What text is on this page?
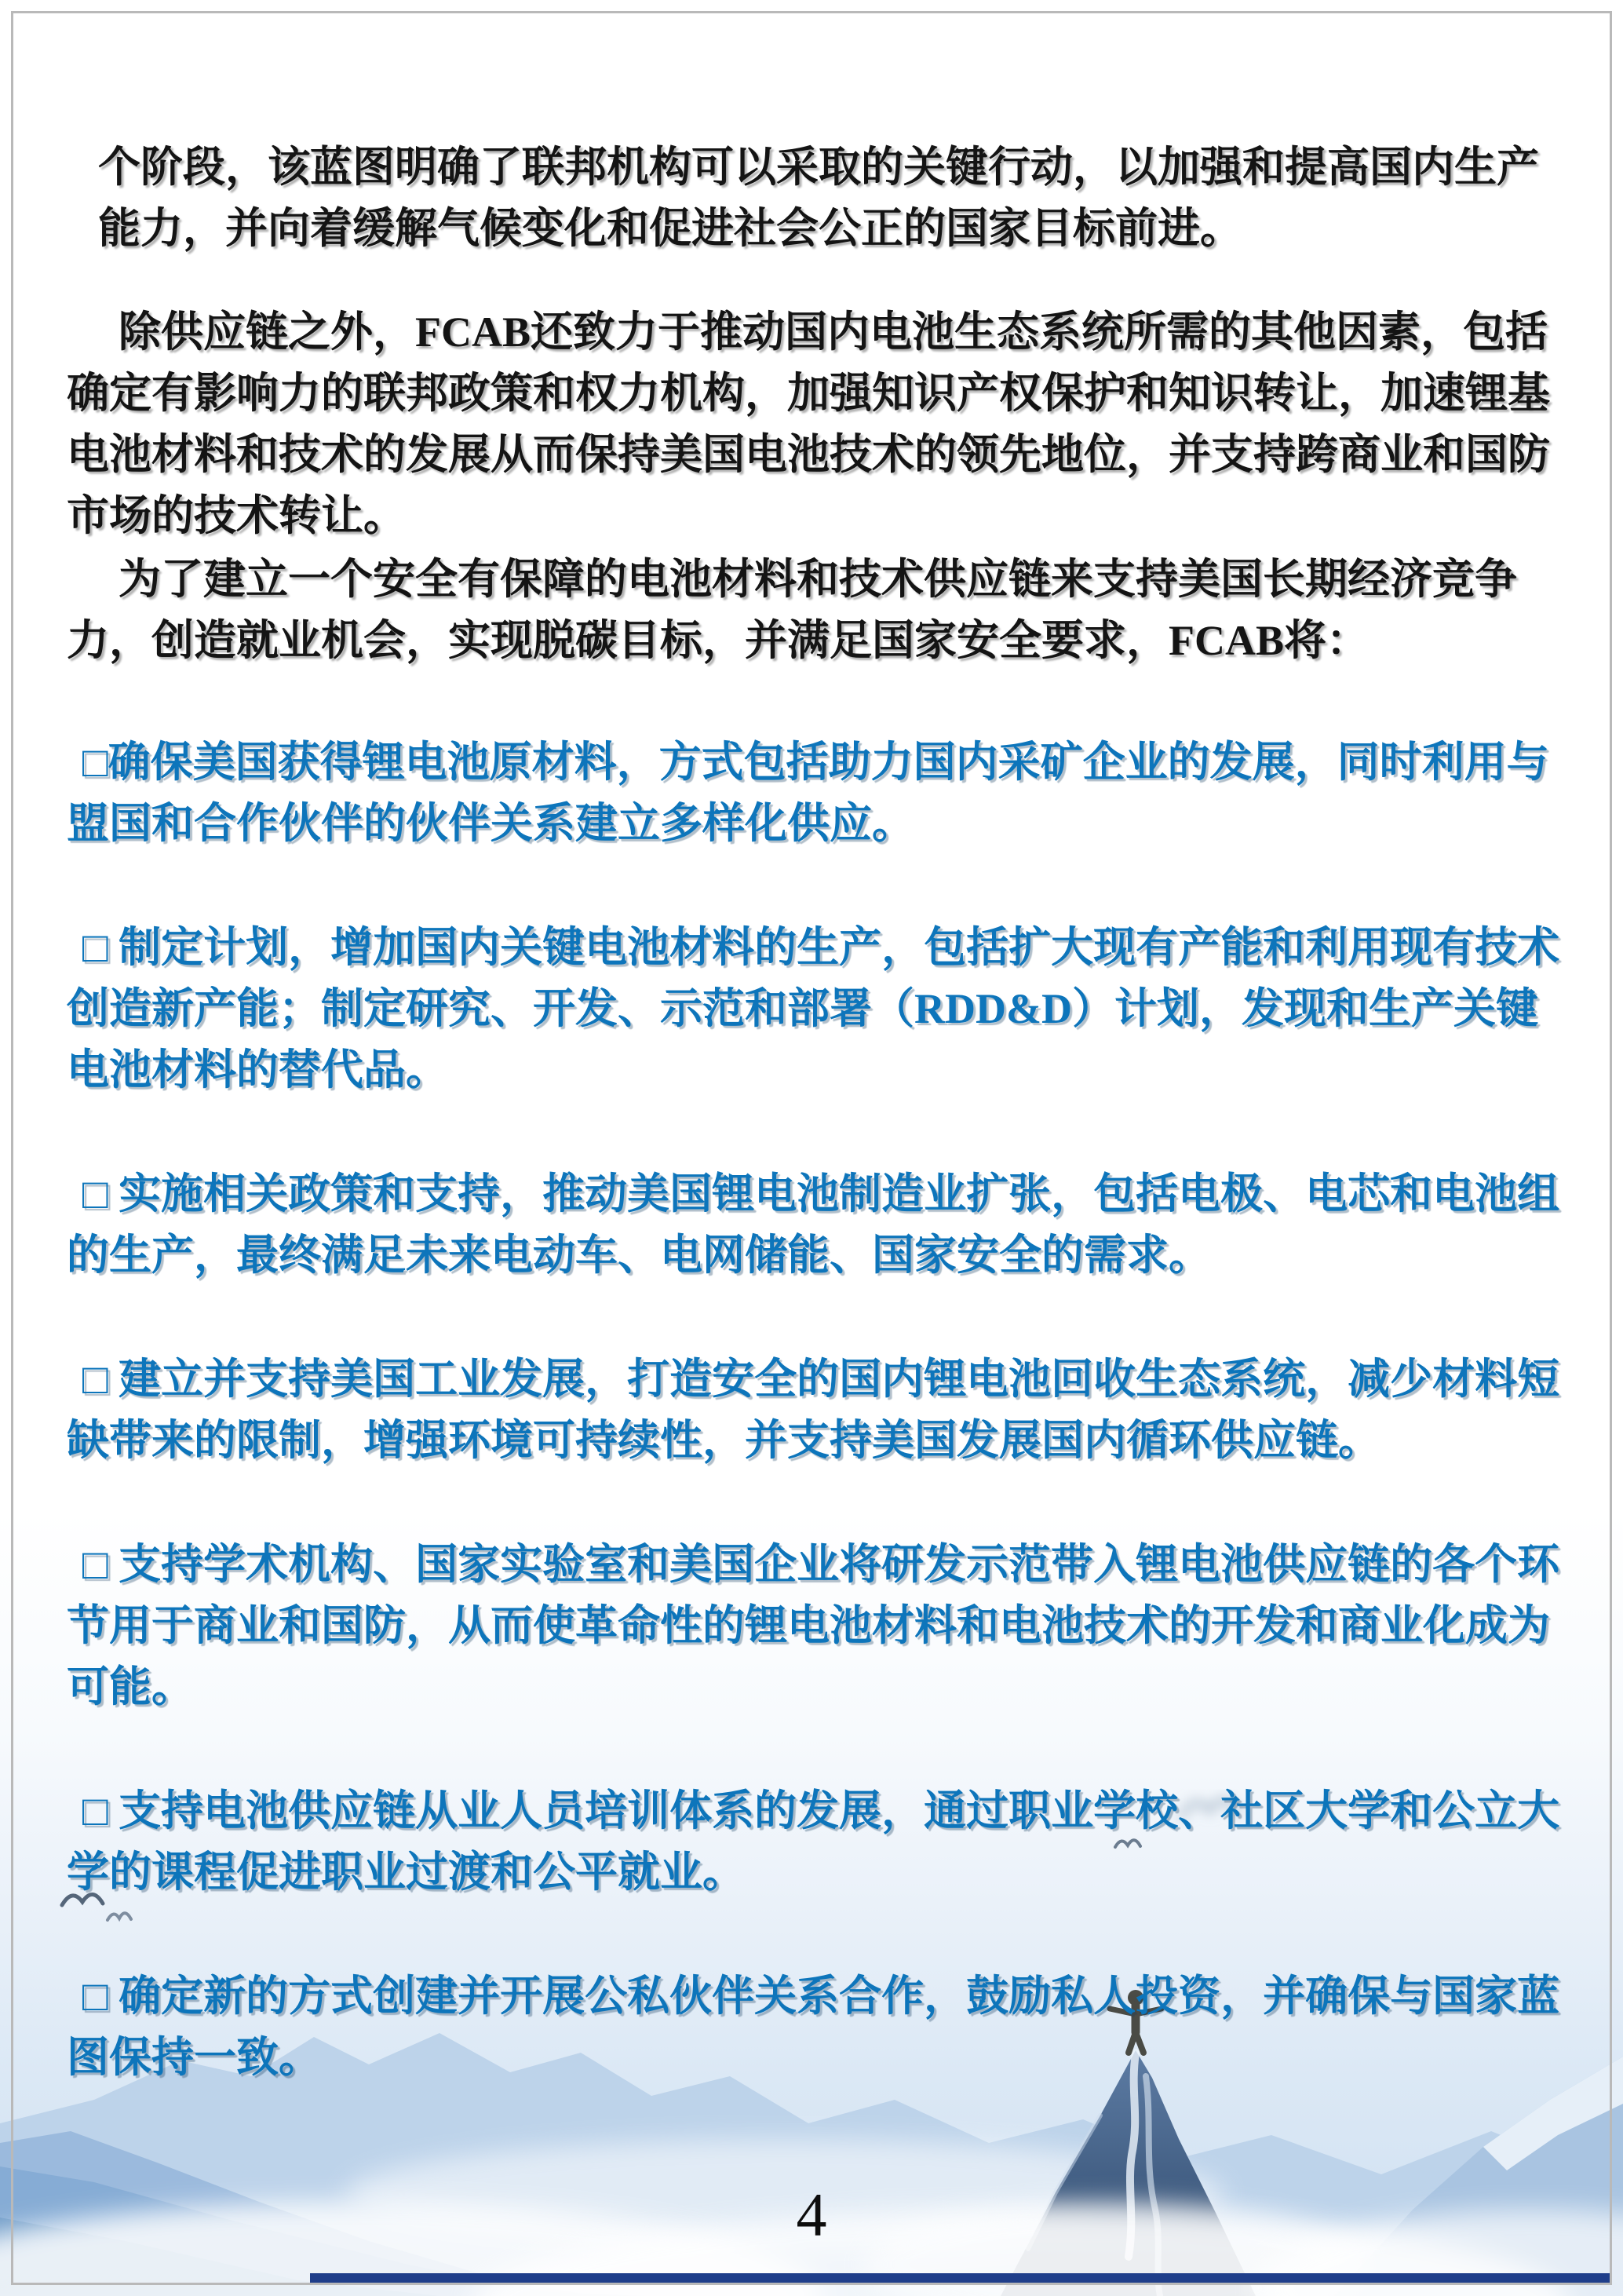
个阶段，该蓝图明确了联邦机构可以采取的关键行动，以加强和提高国内生产能力，并向着缓解气候变化和促进社会公正的国家目标前进。

除供应链之外，FCAB还致力于推动国内电池生态系统所需的其他因素，包括确定有影响力的联邦政策和权力机构，加强知识产权保护和知识转让，加速锂基电池材料和技术的发展从而保持美国电池技术的领先地位，并支持跨商业和国防市场的技术转让。

为了建立一个安全有保障的电池材料和技术供应链来支持美国长期经济竞争力，创造就业机会，实现脱碳目标，并满足国家安全要求，FCAB将：

□确保美国获得锂电池原材料，方式包括助力国内采矿企业的发展，同时利用与盟国和合作伙伴的伙伴关系建立多样化供应。

□ 制定计划，增加国内关键电池材料的生产，包括扩大现有产能和利用现有技术创造新产能；制定研究、开发、示范和部署（RDD&D）计划，发现和生产关键电池材料的替代品。

□ 实施相关政策和支持，推动美国锂电池制造业扩张，包括电极、电芯和电池组的生产，最终满足未来电动车、电网储能、国家安全的需求。

□ 建立并支持美国工业发展，打造安全的国内锂电池回收生态系统，减少材料短缺带来的限制，增强环境可持续性，并支持美国发展国内循环供应链。

□ 支持学术机构、国家实验室和美国企业将研发示范带入锂电池供应链的各个环节用于商业和国防，从而使革命性的锂电池材料和电池技术的开发和商业化成为可能。

□ 支持电池供应链从业人员培训体系的发展，通过职业学校、社区大学和公立大学的课程促进职业过渡和公平就业。

□ 确定新的方式创建并开展公私伙伴关系合作，鼓励私人投资，并确保与国家蓝图保持一致。

4
